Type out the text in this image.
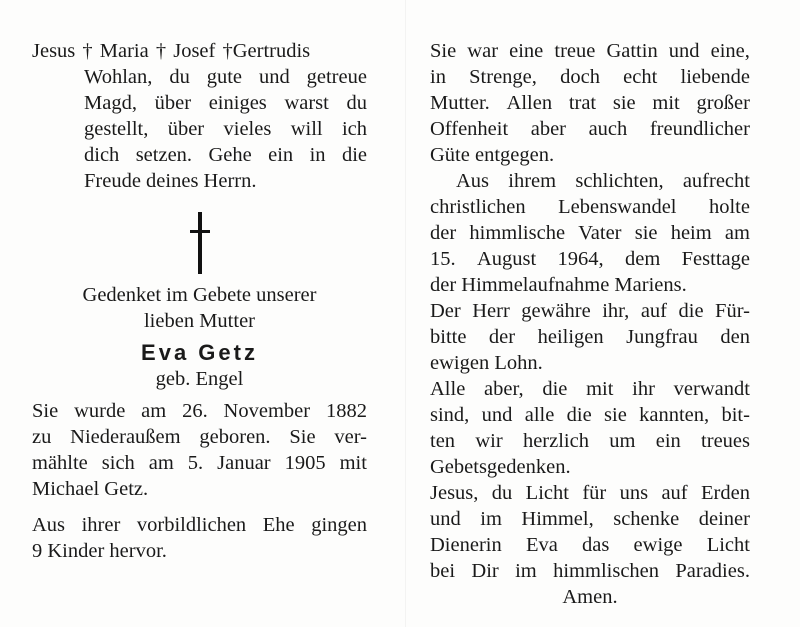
Jesus † Maria † Josef †Gertrudis
Wohlan, du gute und getreue
Magd, über einiges warst du
gestellt, über vieles will ich
dich setzen. Gehe ein in die
Freude deines Herrn.
Gedenket im Gebete unserer
lieben Mutter
Eva Getz
geb. Engel
Sie wurde am 26. November 1882
zu Niederaußem geboren. Sie ver-
mählte sich am 5. Januar 1905 mit
Michael Getz.
Aus ihrer vorbildlichen Ehe gingen
9 Kinder hervor.
Sie war eine treue Gattin und eine,
in Strenge, doch echt liebende
Mutter. Allen trat sie mit großer
Offenheit aber auch freundlicher
Güte entgegen.
Aus ihrem schlichten, aufrecht
christlichen Lebenswandel holte
der himmlische Vater sie heim am
15. August 1964, dem Festtage
der Himmelaufnahme Mariens.
Der Herr gewähre ihr, auf die Für-
bitte der heiligen Jungfrau den
ewigen Lohn.
Alle aber, die mit ihr verwandt
sind, und alle die sie kannten, bit-
ten wir herzlich um ein treues
Gebetsgedenken.
Jesus, du Licht für uns auf Erden
und im Himmel, schenke deiner
Dienerin Eva das ewige Licht
bei Dir im himmlischen Paradies.
Amen.
